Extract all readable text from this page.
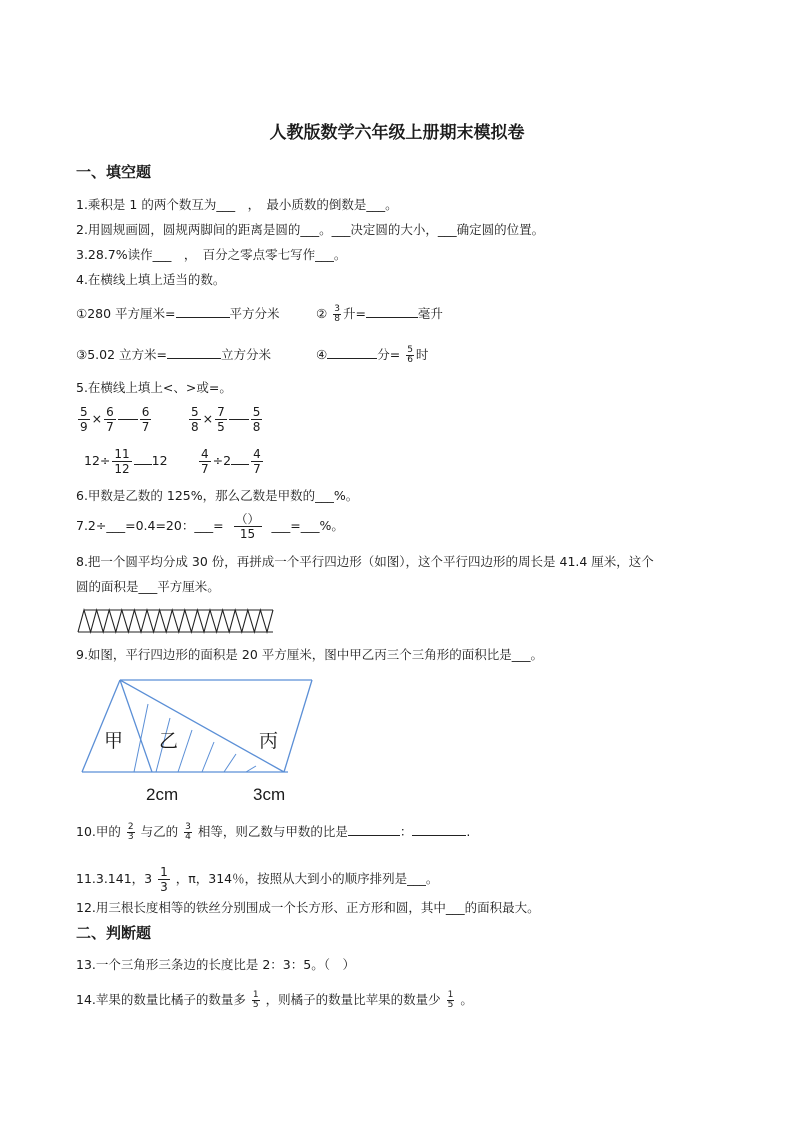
人教版数学六年级上册期末模拟卷
一、填空题
1.乘积是 1 的两个数互为___　，　最小质数的倒数是___。
2.用圆规画圆，圆规两脚间的距离是圆的___。___决定圆的大小，___确定圆的位置。
3.28.7%读作___　，　百分之零点零七写作___。
4.在横线上填上适当的数。
①280 平方厘米=	平方分米	② $\frac{3}{8}$ 升=	毫升
③5.02 立方米=	立方分米	④	分= $\frac{5}{6}$ 时
5.在横线上填上<、>或=。
$\frac{5}{9} \times \frac{6}{7} \frac{6}{7}$	$\frac{5}{8} \times \frac{7}{5} \frac{5}{8}$
$12\div \frac{11}{12} 12$	$\frac{4}{7} \div 2 \frac{4}{7}$
6.甲数是乙数的 125%，那么乙数是甲数的___%。
7.2÷___=0.4=20：___= $\frac{()}{15}$ ___=___%。
8.把一个圆平均分成 30 份，再拼成一个平行四边形（如图），这个平行四边形的周长是 41.4 厘米，这个
圆的面积是___平方厘米。
9.如图，平行四边形的面积是 20 平方厘米，图中甲乙丙三个三角形的面积比是___。
甲 乙	丙
2cm	3cm
10.甲的 $\frac{2}{3}$ 与乙的 $\frac{3}{4}$ 相等，则乙数与甲数的比是	：	.
11.3.141，$3 \frac{1}{3}$ ，π，314％，按照从大到小的顺序排列是___。
12.用三根长度相等的铁丝分别围成一个长方形、正方形和圆，其中___的面积最大。
二、判断题
13.一个三角形三条边的长度比是 2：3：5。（　）
14.苹果的数量比橘子的数量多 $\frac{1}{5}$ ，则橘子的数量比苹果的数量少 $\frac{1}{5}$ 。
